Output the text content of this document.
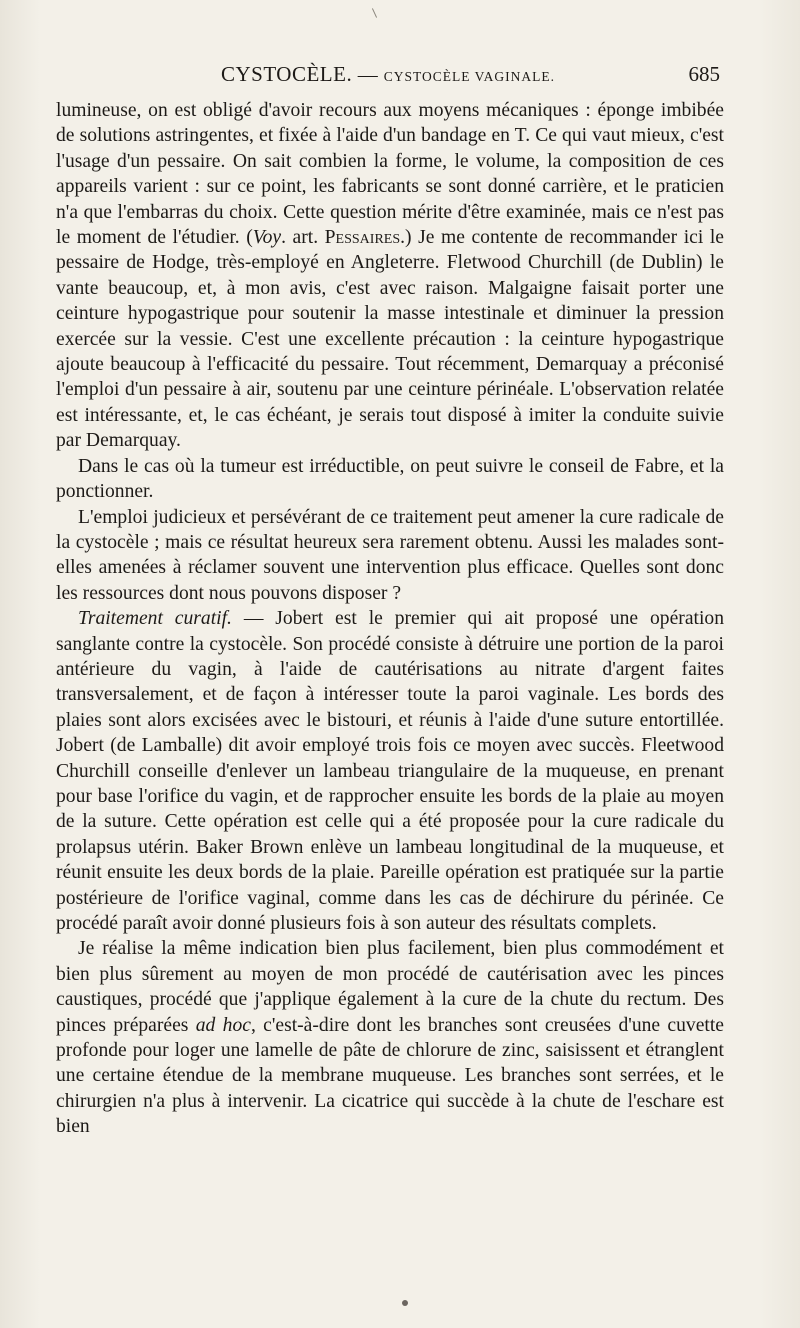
CYSTOCÈLE. — CYSTOCÈLE VAGINALE.	685

lumineuse, on est obligé d'avoir recours aux moyens mécaniques : éponge imbibée de solutions astringentes, et fixée à l'aide d'un bandage en T. Ce qui vaut mieux, c'est l'usage d'un pessaire. On sait combien la forme, le volume, la composition de ces appareils varient : sur ce point, les fabricants se sont donné carrière, et le praticien n'a que l'embarras du choix. Cette question mérite d'être examinée, mais ce n'est pas le moment de l'étudier. (Voy. art. Pessaires.) Je me contente de recommander ici le pessaire de Hodge, très-employé en Angleterre. Fletwood Churchill (de Dublin) le vante beaucoup, et, à mon avis, c'est avec raison. Malgaigne faisait porter une ceinture hypogastrique pour soutenir la masse intestinale et diminuer la pression exercée sur la vessie. C'est une excellente précaution : la ceinture hypogastrique ajoute beaucoup à l'efficacité du pessaire. Tout récemment, Demarquay a préconisé l'emploi d'un pessaire à air, soutenu par une ceinture périnéale. L'observation relatée est intéressante, et, le cas échéant, je serais tout disposé à imiter la conduite suivie par Demarquay.

Dans le cas où la tumeur est irréductible, on peut suivre le conseil de Fabre, et la ponctionner.

L'emploi judicieux et persévérant de ce traitement peut amener la cure radicale de la cystocèle ; mais ce résultat heureux sera rarement obtenu. Aussi les malades sont-elles amenées à réclamer souvent une intervention plus efficace. Quelles sont donc les ressources dont nous pouvons disposer ?

Traitement curatif. — Jobert est le premier qui ait proposé une opération sanglante contre la cystocèle. Son procédé consiste à détruire une portion de la paroi antérieure du vagin, à l'aide de cautérisations au nitrate d'argent faites transversalement, et de façon à intéresser toute la paroi vaginale. Les bords des plaies sont alors excisées avec le bistouri, et réunis à l'aide d'une suture entortillée. Jobert (de Lamballe) dit avoir employé trois fois ce moyen avec succès. Fleetwood Churchill conseille d'enlever un lambeau triangulaire de la muqueuse, en prenant pour base l'orifice du vagin, et de rapprocher ensuite les bords de la plaie au moyen de la suture. Cette opération est celle qui a été proposée pour la cure radicale du prolapsus utérin. Baker Brown enlève un lambeau longitudinal de la muqueuse, et réunit ensuite les deux bords de la plaie. Pareille opération est pratiquée sur la partie postérieure de l'orifice vaginal, comme dans les cas de déchirure du périnée. Ce procédé paraît avoir donné plusieurs fois à son auteur des résultats complets.

Je réalise la même indication bien plus facilement, bien plus commodément et bien plus sûrement au moyen de mon procédé de cautérisation avec les pinces caustiques, procédé que j'applique également à la cure de la chute du rectum. Des pinces préparées ad hoc, c'est-à-dire dont les branches sont creusées d'une cuvette profonde pour loger une lamelle de pâte de chlorure de zinc, saisissent et étranglent une certaine étendue de la membrane muqueuse. Les branches sont serrées, et le chirurgien n'a plus à intervenir. La cicatrice qui succède à la chute de l'eschare est bien
